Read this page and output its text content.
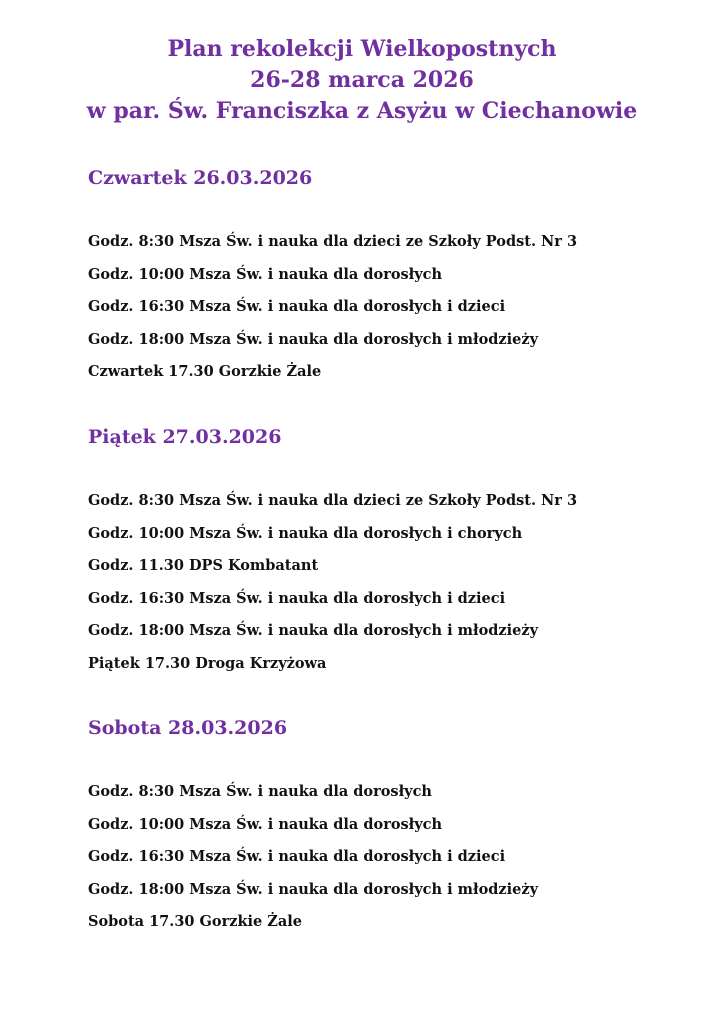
Plan rekolekcji Wielkopostnych
26-28 marca 2026
w par. Św. Franciszka z Asyżu w Ciechanowie
Czwartek 26.03.2026
Godz. 8:30 Msza Św. i nauka dla dzieci ze Szkoły Podst. Nr 3
Godz. 10:00 Msza Św. i nauka dla dorosłych
Godz. 16:30 Msza Św. i nauka dla dorosłych i dzieci
Godz. 18:00 Msza Św. i nauka dla dorosłych i młodzieży
Czwartek 17.30 Gorzkie Żale
Piątek 27.03.2026
Godz. 8:30 Msza Św. i nauka dla dzieci ze Szkoły Podst. Nr 3
Godz. 10:00 Msza Św. i nauka dla dorosłych i chorych
Godz. 11.30 DPS Kombatant
Godz. 16:30 Msza Św. i nauka dla dorosłych i dzieci
Godz. 18:00 Msza Św. i nauka dla dorosłych i młodzieży
Piątek 17.30 Droga Krzyżowa
Sobota 28.03.2026
Godz. 8:30 Msza Św. i nauka dla dorosłych
Godz. 10:00 Msza Św. i nauka dla dorosłych
Godz. 16:30 Msza Św. i nauka dla dorosłych i dzieci
Godz. 18:00 Msza Św. i nauka dla dorosłych i młodzieży
Sobota 17.30 Gorzkie Żale
